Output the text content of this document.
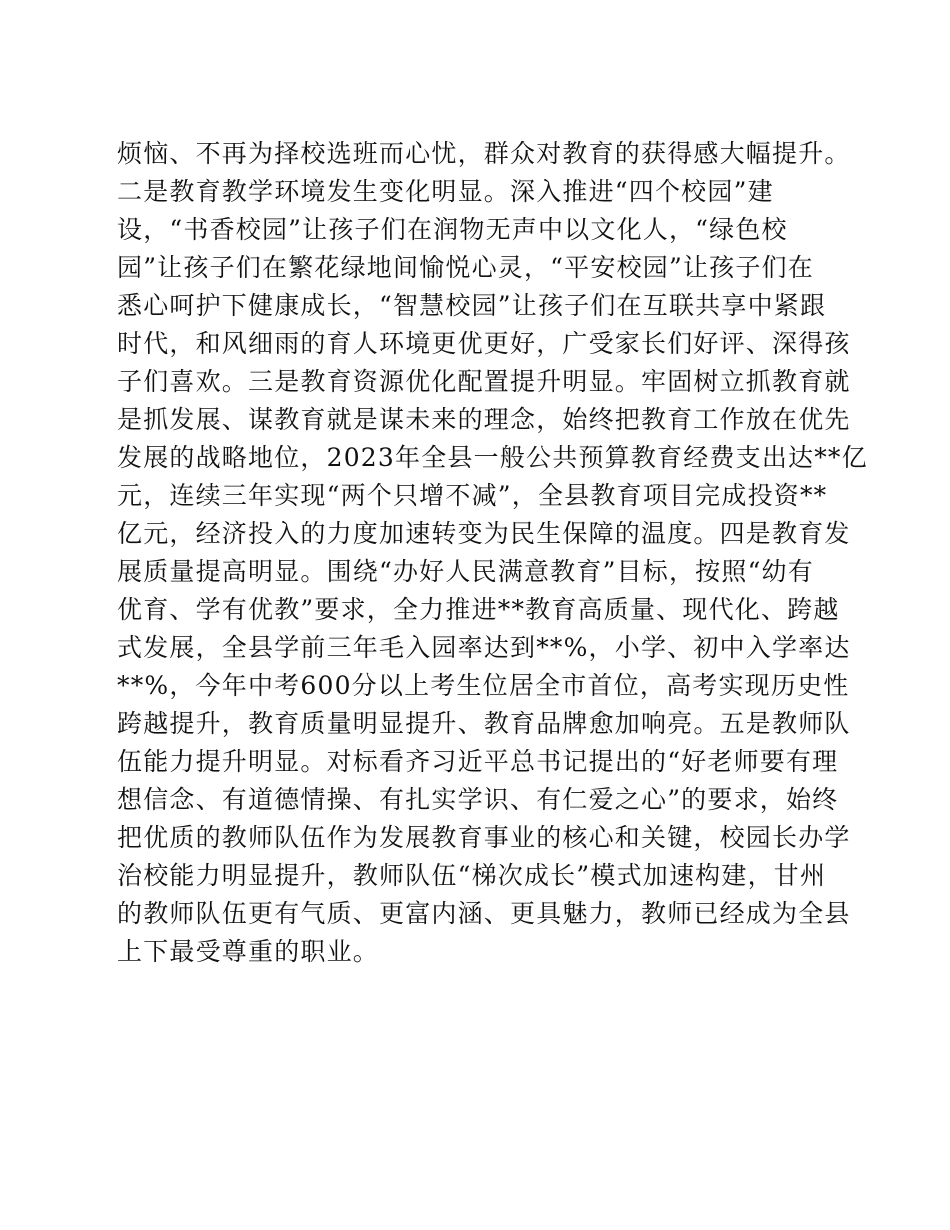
烦恼、不再为择校选班而心忧，群众对教育的获得感大幅提升。
二是教育教学环境发生变化明显。深入推进“四个校园”建
设，“书香校园”让孩子们在润物无声中以文化人，“绿色校
园”让孩子们在繁花绿地间愉悦心灵，“平安校园”让孩子们在
悉心呵护下健康成长，“智慧校园”让孩子们在互联共享中紧跟
时代，和风细雨的育人环境更优更好，广受家长们好评、深得孩
子们喜欢。三是教育资源优化配置提升明显。牢固树立抓教育就
是抓发展、谋教育就是谋未来的理念，始终把教育工作放在优先
发展的战略地位，2023年全县一般公共预算教育经费支出达**亿
元，连续三年实现“两个只增不减”，全县教育项目完成投资**
亿元，经济投入的力度加速转变为民生保障的温度。四是教育发
展质量提高明显。围绕“办好人民满意教育”目标，按照“幼有
优育、学有优教”要求，全力推进**教育高质量、现代化、跨越
式发展，全县学前三年毛入园率达到**%，小学、初中入学率达
**%，今年中考600分以上考生位居全市首位，高考实现历史性
跨越提升，教育质量明显提升、教育品牌愈加响亮。五是教师队
伍能力提升明显。对标看齐习近平总书记提出的“好老师要有理
想信念、有道德情操、有扎实学识、有仁爱之心”的要求，始终
把优质的教师队伍作为发展教育事业的核心和关键，校园长办学
治校能力明显提升，教师队伍“梯次成长”模式加速构建，甘州
的教师队伍更有气质、更富内涵、更具魅力，教师已经成为全县
上下最受尊重的职业。
